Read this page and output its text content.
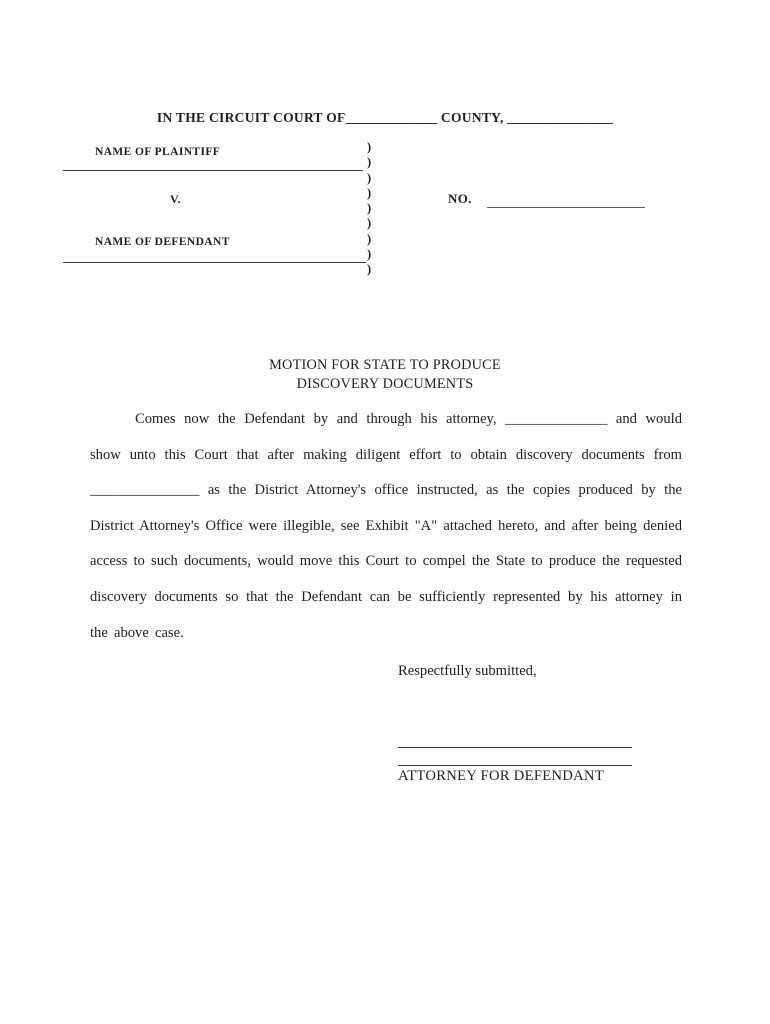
IN THE CIRCUIT COURT OF_____________ COUNTY, _______________
NAME OF PLAINTIFF
V.
NAME OF DEFENDANT
)
)
)
)
)
)
)
)
)
NO.
MOTION FOR STATE TO PRODUCE
DISCOVERY DOCUMENTS
Comes now the Defendant by and through his attorney, ______________ and would show unto this Court that after making diligent effort to obtain discovery documents from _______________ as the District Attorney's office instructed, as the copies produced by the District Attorney's Office were illegible, see Exhibit "A" attached hereto, and after being denied access to such documents, would move this Court to compel the State to produce the requested discovery documents so that the Defendant can be sufficiently represented by his attorney in the above case.
Respectfully submitted,
ATTORNEY FOR DEFENDANT
